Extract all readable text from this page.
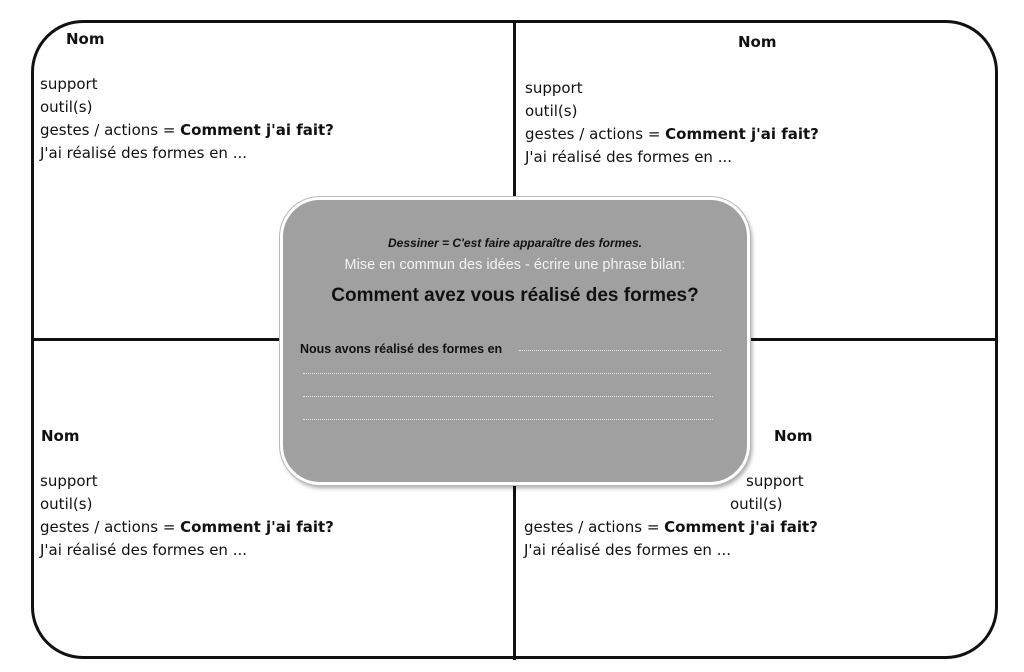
Nom
support
outil(s)
gestes / actions = Comment j'ai fait?
J'ai réalisé des formes en ...
Nom
support
outil(s)
gestes / actions = Comment j'ai fait?
J'ai réalisé des formes en ...
Nom
support
outil(s)
gestes / actions = Comment j'ai fait?
J'ai réalisé des formes en ...
Nom
support
outil(s)
gestes / actions = Comment j'ai fait?
J'ai réalisé des formes en ...
Dessiner = C'est faire apparaître des formes.
Mise en commun des idées - écrire une phrase bilan:
Comment avez vous réalisé des formes?
Nous avons réalisé des formes en
